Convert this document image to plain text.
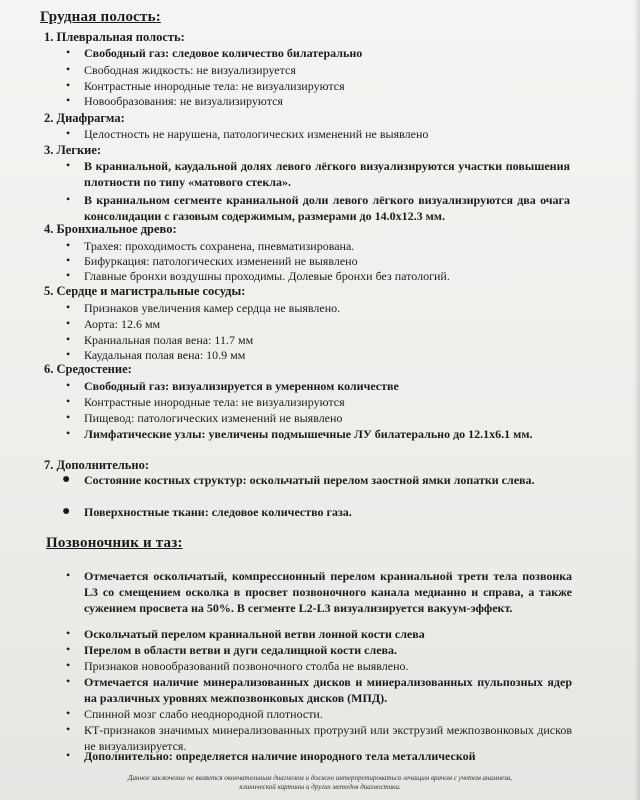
Грудная полость:
1. Плевральная полость:
• Свободный газ: следовое количество билатерально
• Свободная жидкость: не визуализируется
• Контрастные инородные тела: не визуализируются
• Новообразования: не визуализируются
2. Диафрагма:
• Целостность не нарушена, патологических изменений не выявлено
3. Легкие:
• В краниальной, каудальной долях левого лёгкого визуализируются участки повышения плотности по типу «матового стекла».
• В краниальном сегменте краниальной доли левого лёгкого визуализируются два очага консолидации с газовым содержимым, размерами до 14.0x12.3 мм.
4. Бронхиальное древо:
• Трахея: проходимость сохранена, пневматизирована.
• Бифуркация: патологических изменений не выявлено
• Главные бронхи воздушны проходимы. Долевые бронхи без патологий.
5. Сердце и магистральные сосуды:
• Признаков увеличения камер сердца не выявлено.
• Аорта: 12.6 мм
• Краниальная полая вена: 11.7 мм
• Каудальная полая вена: 10.9 мм
6. Средостение:
• Свободный газ: визуализируется в умеренном количестве
• Контрастные инородные тела: не визуализируются
• Пищевод: патологических изменений не выявлено
• Лимфатические узлы: увеличены подмышечные ЛУ билатерально до 12.1x6.1 мм.
7. Дополнительно:
● Состояние костных структур: оскольчатый перелом заостной ямки лопатки слева.
● Поверхностные ткани: следовое количество газа.
Позвоночник и таз:
• Отмечается оскольчатый, компрессионный перелом краниальной трети тела позвонка L3 со смещением осколка в просвет позвоночного канала медианно и справа, а также сужением просвета на 50%. В сегменте L2-L3 визуализируется вакуум-эффект.
• Оскольчатый перелом краниальной ветви лонной кости слева
• Перелом в области ветви и дуги седалищной кости слева.
• Признаков новообразований позвоночного столба не выявлено.
• Отмечается наличие минерализованных дисков и минерализованных пульпозных ядер на различных уровнях межпозвонковых дисков (МПД).
• Спинной мозг слабо неоднородной плотности.
• КТ-признаков значимых минерализованных протрузий или экструзий межпозвонковых дисков не визуализируется.
• Дополнительно: определяется наличие инородного тела металлической
Данное заключение не является окончательным диагнозом и должно интерпретироваться лечащим врачом с учетом анамнеза,
клинической картины и других методов диагностики.
